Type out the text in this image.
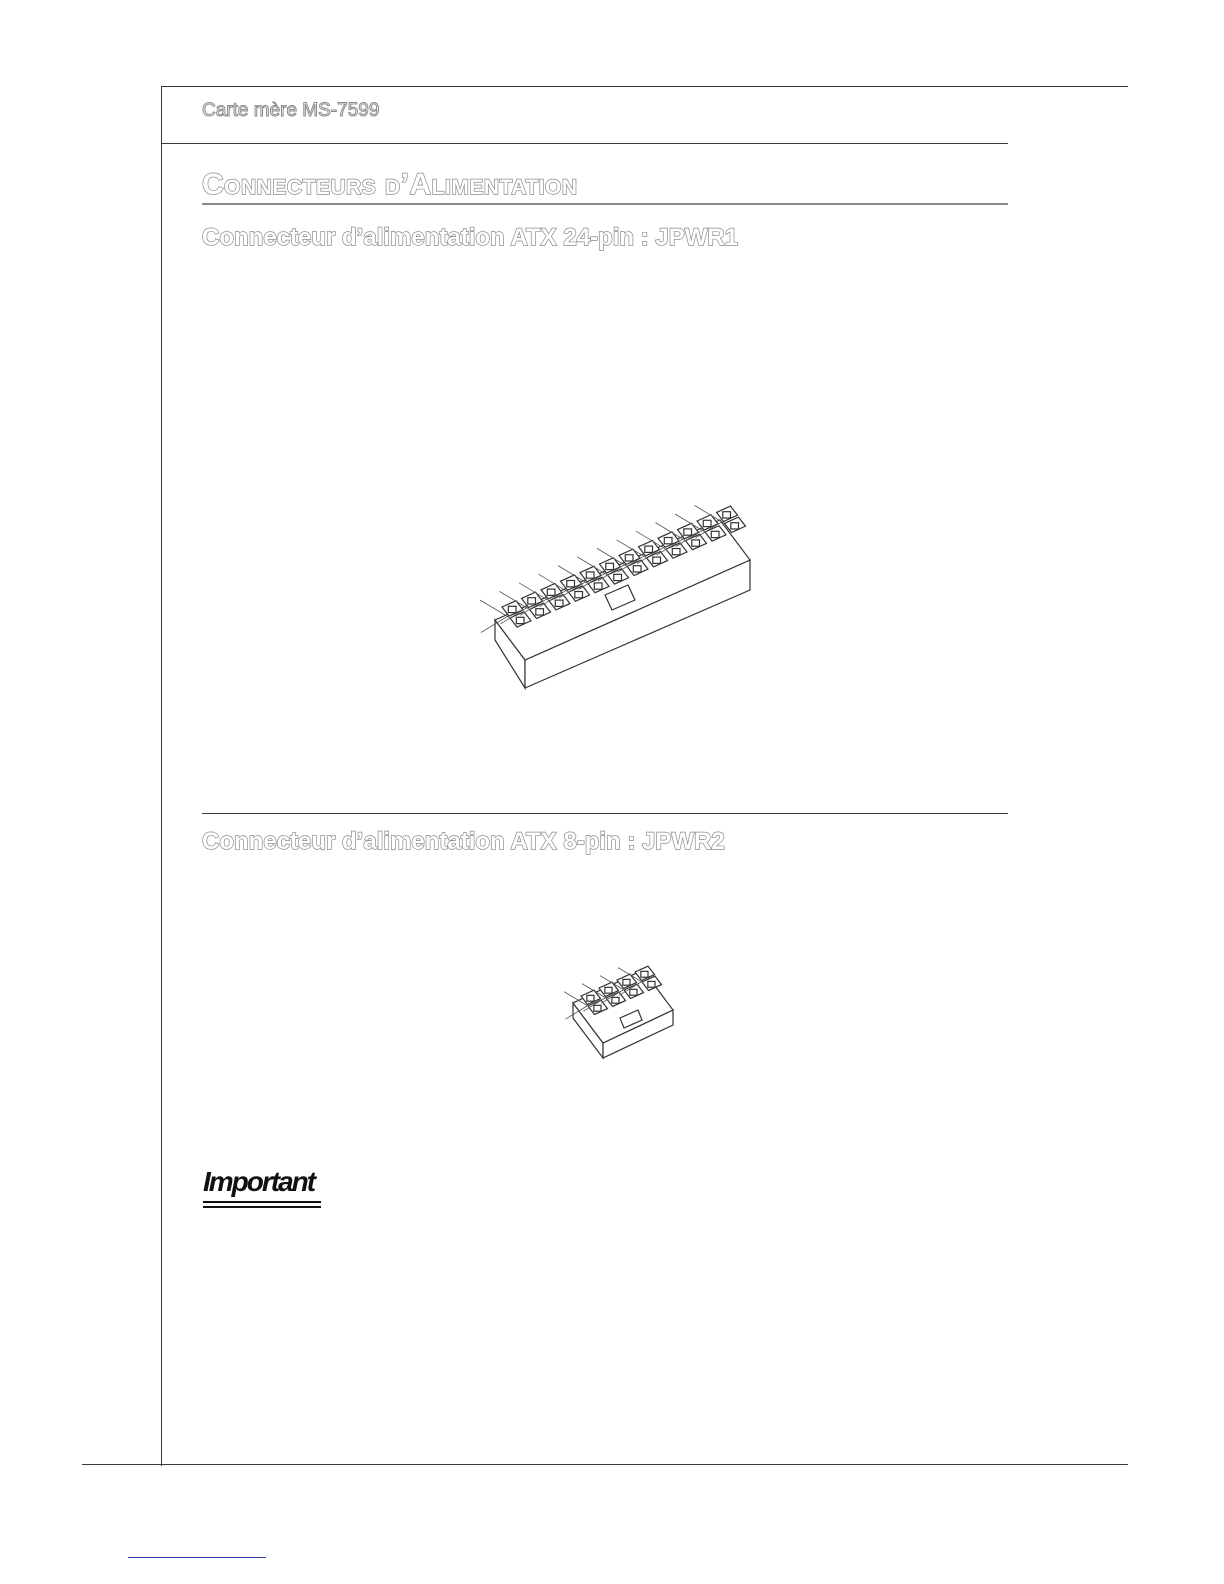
Carte mère MS-7599
Connecteurs d’Alimentation
Connecteur d’alimentation ATX 24-pin : JPWR1
Connecteur d’alimentation ATX 8-pin : JPWR2
Important
